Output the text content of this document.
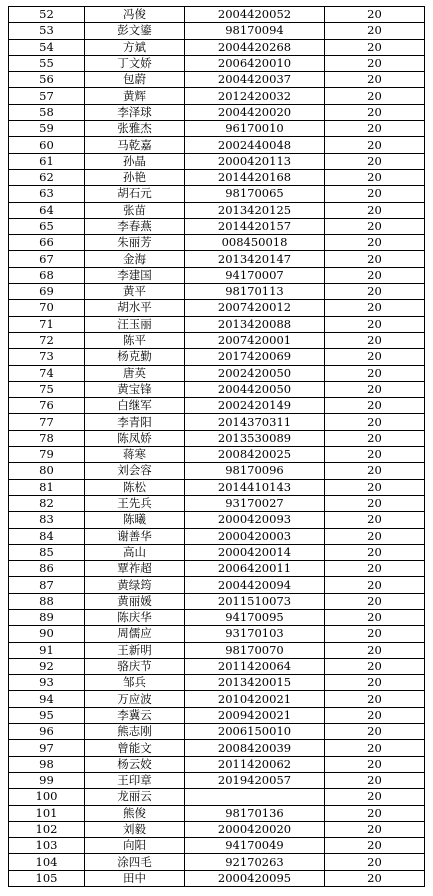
52	冯俊	2004420052	20
53	彭文鎏	98170094	20
54	方斌	2004420268	20
55	丁文娇	2006420010	20
56	包蔚	2004420037	20
57	黄辉	2012420032	20
58	李泽球	2004420020	20
59	张雅杰	96170010	20
60	马乾嘉	2002440048	20
61	孙晶	2000420113	20
62	孙艳	2014420168	20
63	胡石元	98170065	20
64	张苗	2013420125	20
65	李春燕	2014420157	20
66	朱丽芳	008450018	20
67	金海	2013420147	20
68	李建国	94170007	20
69	黄平	98170113	20
70	胡水平	2007420012	20
71	汪玉丽	2013420088	20
72	陈平	2007420001	20
73	杨克勤	2017420069	20
74	唐英	2002420050	20
75	黄宝锋	2004420050	20
76	白继军	2002420149	20
77	李青阳	2014370311	20
78	陈凤娇	2013530089	20
79	蒋寒	2008420025	20
80	刘会容	98170096	20
81	陈松	2014410143	20
82	王先兵	93170027	20
83	陈曦	2000420093	20
84	谢善华	2000420003	20
85	高山	2000420014	20
86	覃祚超	2006420011	20
87	黄绿筠	2004420094	20
88	黄丽媛	2011510073	20
89	陈庆华	94170095	20
90	周儒应	93170103	20
91	王新明	98170070	20
92	骆庆节	2011420064	20
93	邹兵	2013420015	20
94	万应波	2010420021	20
95	李冀云	2009420021	20
96	熊志刚	2006150010	20
97	曾能文	2008420039	20
98	杨云姣	2011420062	20
99	王印章	2019420057	20
100	龙丽云		20
101	熊俊	98170136	20
102	刘毅	2000420020	20
103	向阳	94170049	20
104	涂四毛	92170263	20
105	田中	2000420095	20
